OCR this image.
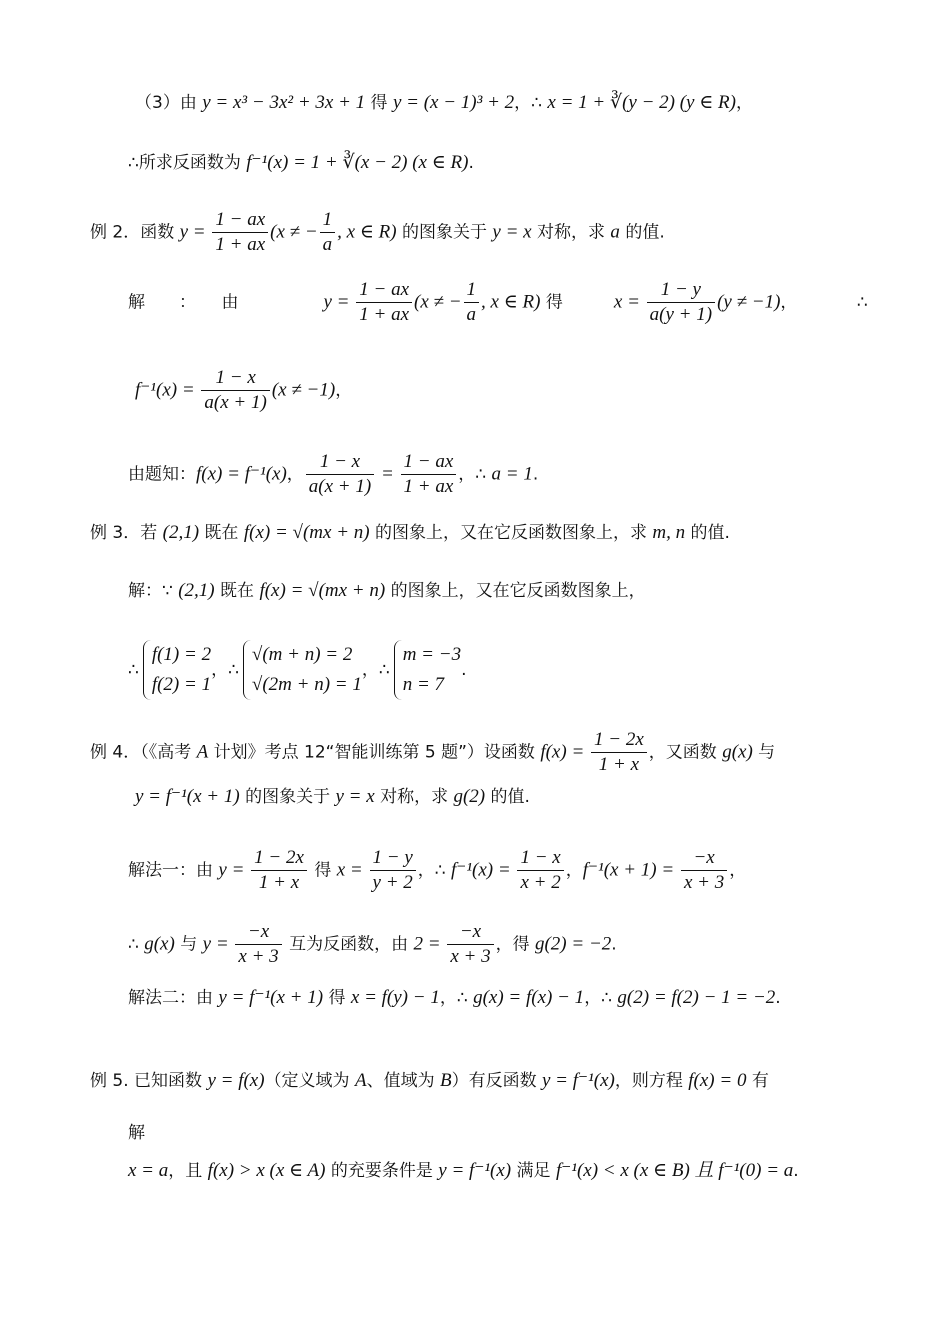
（3）由 y = x³ − 3x² + 3x + 1 得 y = (x − 1)³ + 2，∴ x = 1 + ∛(y − 2) (y ∈ R)，
∴所求反函数为 f⁻¹(x) = 1 + ∛(x − 2) (x ∈ R).
例 2．函数 $y = \frac{1 - ax}{1 + ax} (x$ ≠ − $\frac{1}{a}$ , x ∈ R) 的图象关于 y = x 对称，求 a 的值.
解　　：　　由　　　　　$y = \frac{1 - ax}{1 + ax} (x$ ≠ − $\frac{1}{a}$ , x ∈ R) 得　　　$x = \frac{1 - y}{a(y + 1)} (y \ne -1)$，　　　　∴
$f^{-1}(x) = \frac{1 - x}{a(x + 1)} (x \ne -1)$，
由题知：f(x) = f⁻¹(x)， $\frac{1 - x}{a(x + 1)} = \frac{1 - ax}{1 + ax}$ ，∴ a = 1.
例 3．若 (2,1) 既在 f(x) = √(mx + n) 的图象上，又在它反函数图象上，求 m, n 的值.
解：∵ (2,1) 既在 f(x) = √(mx + n) 的图象上，又在它反函数图象上，
∴
f(1) = 2
f(2) = 1
，∴
√(m + n) = 2
√(2m + n) = 1
，∴
m = −3
n = 7
.
例 4．（《高考 A 计划》考点 12“智能训练第 5 题”）设函数 $f(x) = \frac{1 - 2x}{1 + x}$ ，又函数 g(x) 与
y = f⁻¹(x + 1) 的图象关于 y = x 对称，求 g(2) 的值.
解法一：由 $y = \frac{1 - 2x}{1 + x}$ 得 $x = \frac{1 - y}{y + 2}$ ，∴ $f^{-1}(x) = \frac{1 - x}{x + 2}$ ，$f^{-1}(x + 1) = \frac{-x}{x + 3}$ ，
∴ g(x) 与 $y = \frac{-x}{x + 3}$ 互为反函数，由 $2 = \frac{-x}{x + 3}$ ，得 g(2) = −2.
解法二：由 y = f⁻¹(x + 1) 得 x = f(y) − 1，∴ g(x) = f(x) − 1，∴ g(2) = f(2) − 1 = −2.
例 5. 已知函数 y = f(x)（定义域为 A、值域为 B）有反函数 y = f⁻¹(x)，则方程 f(x) = 0 有
解
x = a，且 f(x) > x (x ∈ A) 的充要条件是 y = f⁻¹(x) 满足 f⁻¹(x) < x (x ∈ B) 且 f⁻¹(0) = a.
